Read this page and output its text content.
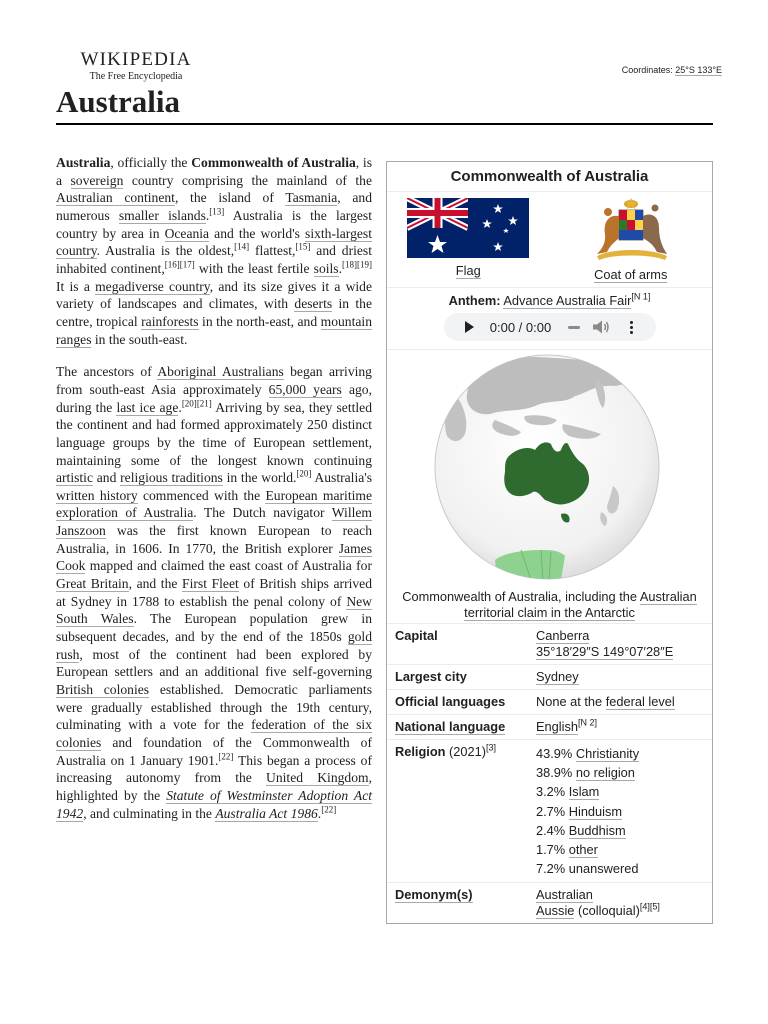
WIKIPEDIA
The Free Encyclopedia
Coordinates: 25°S 133°E
Australia

Australia, officially the Commonwealth of Australia, is a sovereign country comprising the mainland of the Australian continent, the island of Tasmania, and numerous smaller islands.[13] Australia is the largest country by area in Oceania and the world's sixth-largest country. Australia is the oldest,[14] flattest,[15] and driest inhabited continent,[16][17] with the least fertile soils.[18][19] It is a megadiverse country, and its size gives it a wide variety of landscapes and climates, with deserts in the centre, tropical rainforests in the north-east, and mountain ranges in the south-east.

The ancestors of Aboriginal Australians began arriving from south-east Asia approximately 65,000 years ago, during the last ice age.[20][21] Arriving by sea, they settled the continent and had formed approximately 250 distinct language groups by the time of European settlement, maintaining some of the longest known continuing artistic and religious traditions in the world.[20] Australia's written history commenced with the European maritime exploration of Australia. The Dutch navigator Willem Janszoon was the first known European to reach Australia, in 1606. In 1770, the British explorer James Cook mapped and claimed the east coast of Australia for Great Britain, and the First Fleet of British ships arrived at Sydney in 1788 to establish the penal colony of New South Wales. The European population grew in subsequent decades, and by the end of the 1850s gold rush, most of the continent had been explored by European settlers and an additional five self-governing British colonies established. Democratic parliaments were gradually established through the 19th century, culminating with a vote for the federation of the six colonies and foundation of the Commonwealth of Australia on 1 January 1901.[22] This began a process of increasing autonomy from the United Kingdom, highlighted by the Statute of Westminster Adoption Act 1942, and culminating in the Australia Act 1986.[22]

Commonwealth of Australia

Flag	Coat of arms
Anthem: Advance Australia Fair[N 1]
0:00 / 0:00
Commonwealth of Australia, including the Australian territorial claim in the Antarctic
Capital	Canberra
35°18′29″S 149°07′28″E
Largest city	Sydney
Official languages	None at the federal level
National language	English[N 2]
Religion (2021)[3]	43.9% Christianity
38.9% no religion
3.2% Islam
2.7% Hinduism
2.4% Buddhism
1.7% other
7.2% unanswered
Demonym(s)	Australian
Aussie (colloquial)[4][5]
